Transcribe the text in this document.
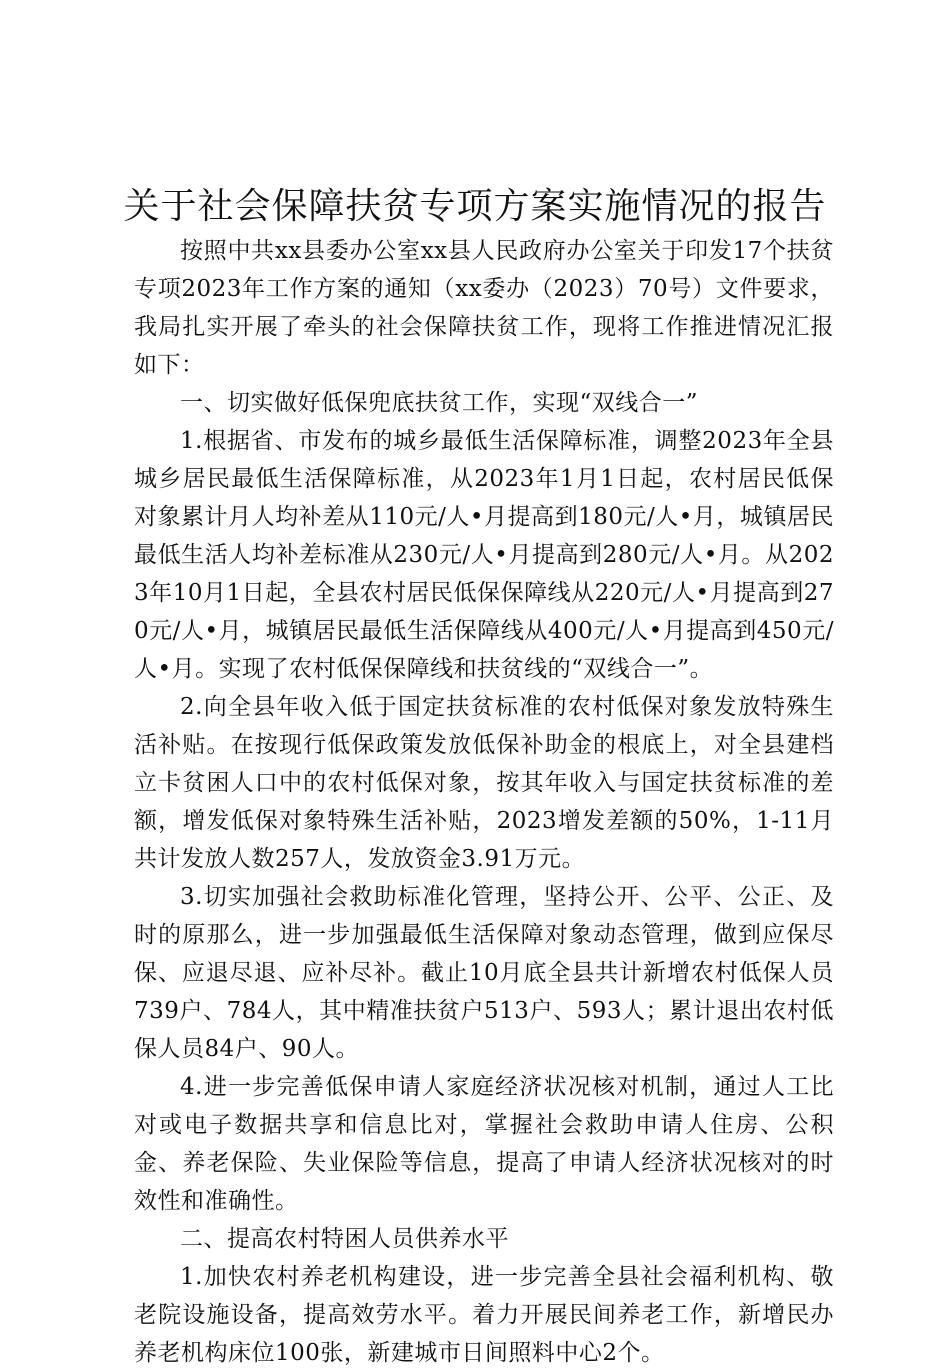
关于社会保障扶贫专项方案实施情况的报告

按照中共xx县委办公室xx县人民政府办公室关于印发17个扶贫专项2023年工作方案的通知（xx委办（2023）70号）文件要求，我局扎实开展了牵头的社会保障扶贫工作，现将工作推进情况汇报如下：

一、切实做好低保兜底扶贫工作，实现“双线合一”

1.根据省、市发布的城乡最低生活保障标准，调整2023年全县城乡居民最低生活保障标准，从2023年1月1日起，农村居民低保对象累计月人均补差从110元/人•月提高到180元/人•月，城镇居民最低生活人均补差标准从230元/人•月提高到280元/人•月。从2023年10月1日起，全县农村居民低保保障线从220元/人•月提高到270元/人•月，城镇居民最低生活保障线从400元/人•月提高到450元/人•月。实现了农村低保保障线和扶贫线的“双线合一”。

2.向全县年收入低于国定扶贫标准的农村低保对象发放特殊生活补贴。在按现行低保政策发放低保补助金的根底上，对全县建档立卡贫困人口中的农村低保对象，按其年收入与国定扶贫标准的差额，增发低保对象特殊生活补贴，2023增发差额的50%，1-11月共计发放人数257人，发放资金3.91万元。

3.切实加强社会救助标准化管理，坚持公开、公平、公正、及时的原那么，进一步加强最低生活保障对象动态管理，做到应保尽保、应退尽退、应补尽补。截止10月底全县共计新增农村低保人员739户、784人，其中精准扶贫户513户、593人；累计退出农村低保人员84户、90人。

4.进一步完善低保申请人家庭经济状况核对机制，通过人工比对或电子数据共享和信息比对，掌握社会救助申请人住房、公积金、养老保险、失业保险等信息，提高了申请人经济状况核对的时效性和准确性。

二、提高农村特困人员供养水平

1.加快农村养老机构建设，进一步完善全县社会福利机构、敬老院设施设备，提高效劳水平。着力开展民间养老工作，新增民办养老机构床位100张，新建城市日间照料中心2个。
